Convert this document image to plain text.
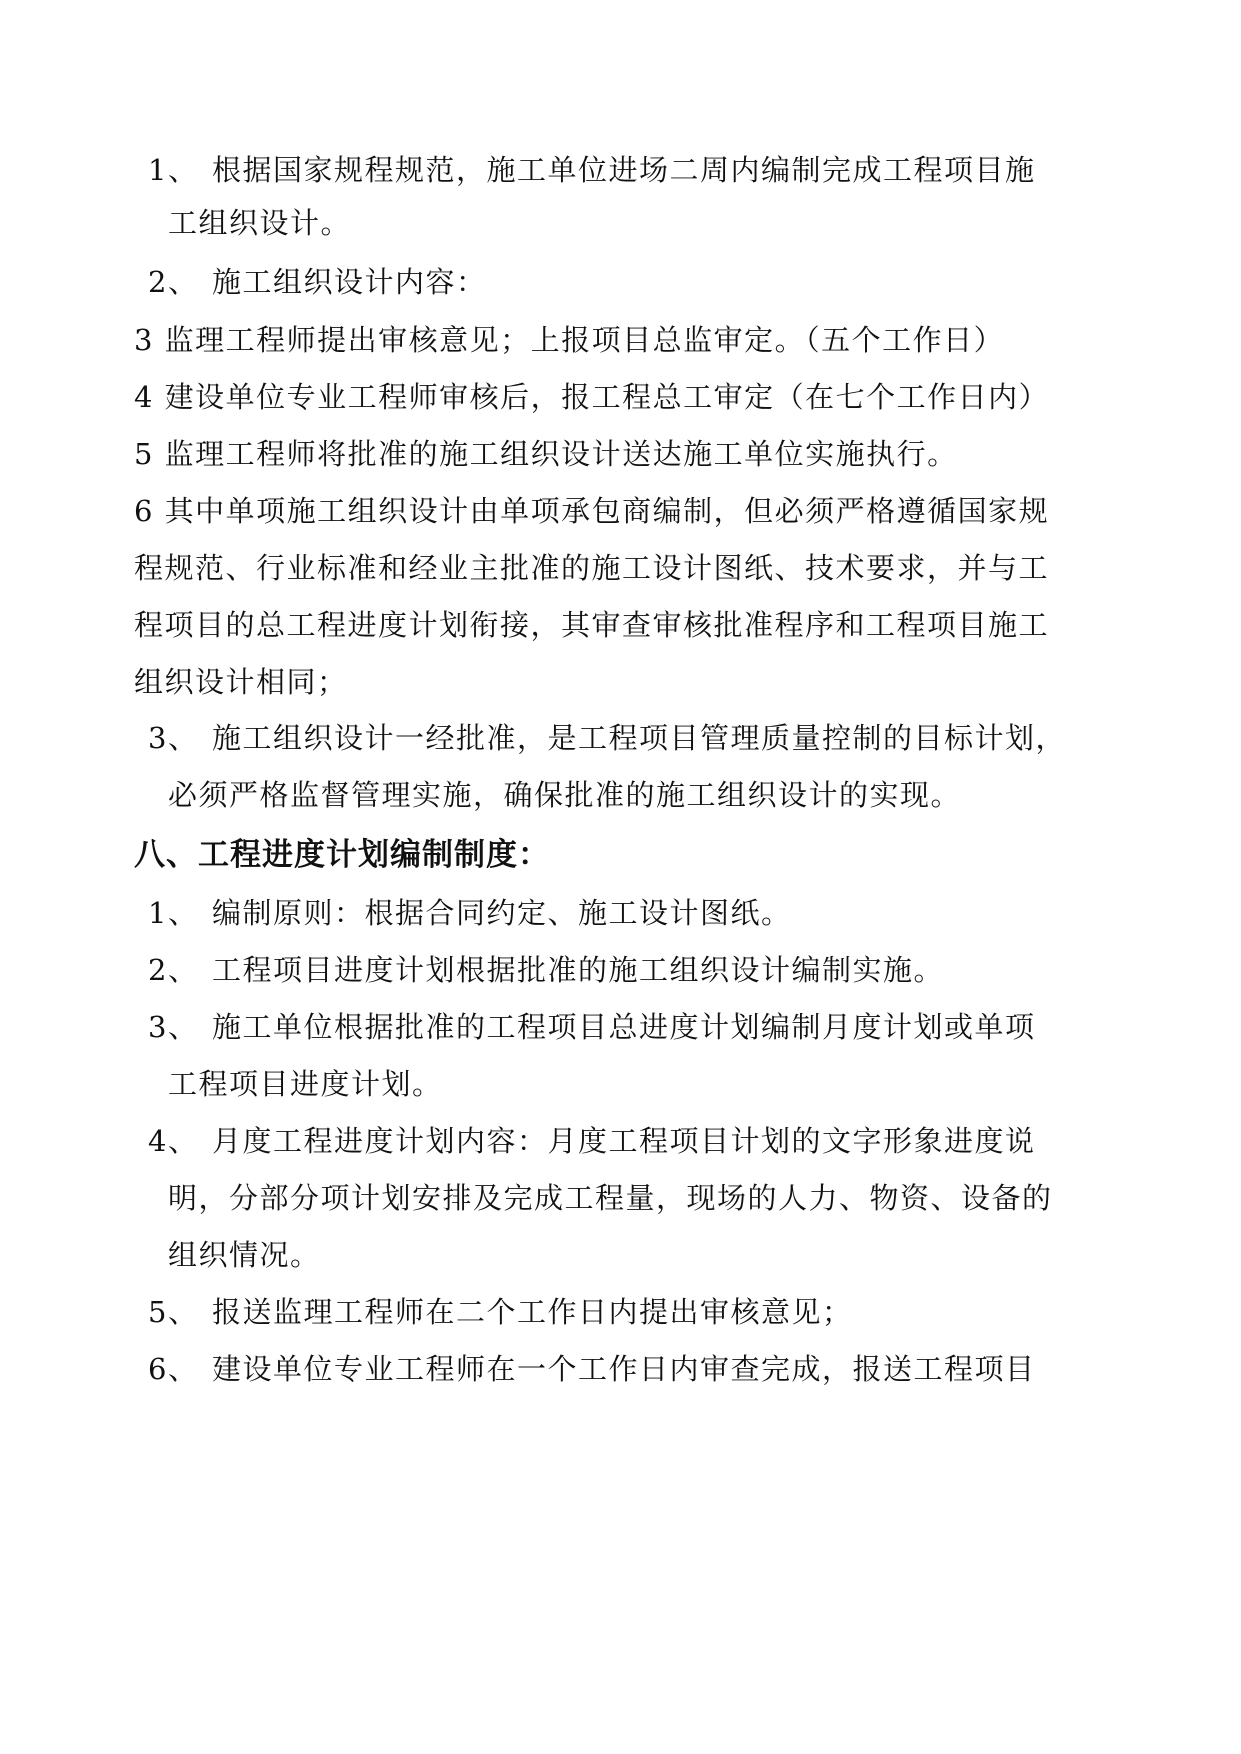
1、 根据国家规程规范，施工单位进场二周内编制完成工程项目施
工组织设计。
2、 施工组织设计内容：
3 监理工程师提出审核意见；上报项目总监审定。（五个工作日）
4 建设单位专业工程师审核后，报工程总工审定（在七个工作日内）
5 监理工程师将批准的施工组织设计送达施工单位实施执行。
6 其中单项施工组织设计由单项承包商编制，但必须严格遵循国家规
程规范、行业标准和经业主批准的施工设计图纸、技术要求，并与工
程项目的总工程进度计划衔接，其审查审核批准程序和工程项目施工
组织设计相同；
3、 施工组织设计一经批准，是工程项目管理质量控制的目标计划，
必须严格监督管理实施，确保批准的施工组织设计的实现。
八、工程进度计划编制制度：
1、 编制原则：根据合同约定、施工设计图纸。
2、 工程项目进度计划根据批准的施工组织设计编制实施。
3、 施工单位根据批准的工程项目总进度计划编制月度计划或单项
工程项目进度计划。
4、 月度工程进度计划内容：月度工程项目计划的文字形象进度说
明，分部分项计划安排及完成工程量，现场的人力、物资、设备的
组织情况。
5、 报送监理工程师在二个工作日内提出审核意见；
6、 建设单位专业工程师在一个工作日内审查完成，报送工程项目
